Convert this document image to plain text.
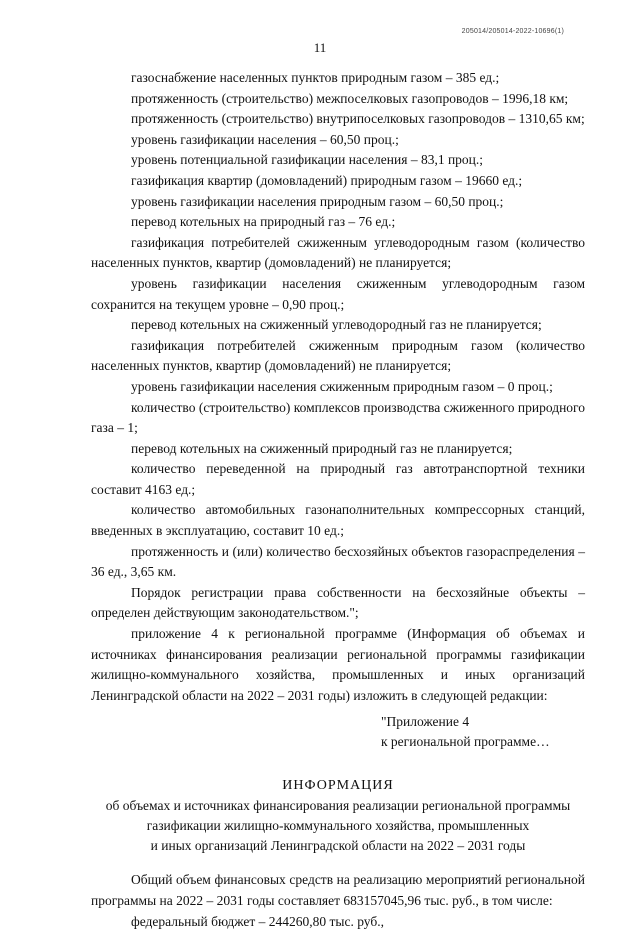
205014/205014-2022-10696(1)
11

газоснабжение населенных пунктов природным газом – 385 ед.;

протяженность (строительство) межпоселковых газопроводов – 1996,18 км;

протяженность (строительство) внутрипоселковых газопроводов – 1310,65 км;

уровень газификации населения – 60,50 проц.;

уровень потенциальной газификации населения – 83,1 проц.;

газификация квартир (домовладений) природным газом – 19660 ед.;

уровень газификации населения природным газом – 60,50 проц.;

перевод котельных на природный газ – 76 ед.;

газификация потребителей сжиженным углеводородным газом (количество населенных пунктов, квартир (домовладений) не планируется;

уровень газификации населения сжиженным углеводородным газом сохранится на текущем уровне – 0,90 проц.;

перевод котельных на сжиженный углеводородный газ не планируется;

газификация потребителей сжиженным природным газом (количество населенных пунктов, квартир (домовладений) не планируется;

уровень газификации населения сжиженным природным газом – 0 проц.;

количество (строительство) комплексов производства сжиженного природного газа – 1;

перевод котельных на сжиженный природный газ не планируется;

количество переведенной на природный газ автотранспортной техники составит 4163 ед.;

количество автомобильных газонаполнительных компрессорных станций, введенных в эксплуатацию, составит 10 ед.;

протяженность и (или) количество бесхозяйных объектов газораспределения – 36 ед., 3,65 км.

Порядок регистрации права собственности на бесхозяйные объекты – определен действующим законодательством.";

приложение 4 к региональной программе (Информация об объемах и источниках финансирования реализации региональной программы газификации жилищно-коммунального хозяйства, промышленных и иных организаций Ленинградской области на 2022 – 2031 годы) изложить в следующей редакции:

"Приложение 4
к региональной программе…
ИНФОРМАЦИЯ
об объемах и источниках финансирования реализации региональной программы
газификации жилищно-коммунального хозяйства, промышленных
и иных организаций Ленинградской области на 2022 – 2031 годы

Общий объем финансовых средств на реализацию мероприятий региональной программы на 2022 – 2031 годы составляет 683157045,96 тыс. руб., в том числе:

федеральный бюджет – 244260,80 тыс. руб.,
